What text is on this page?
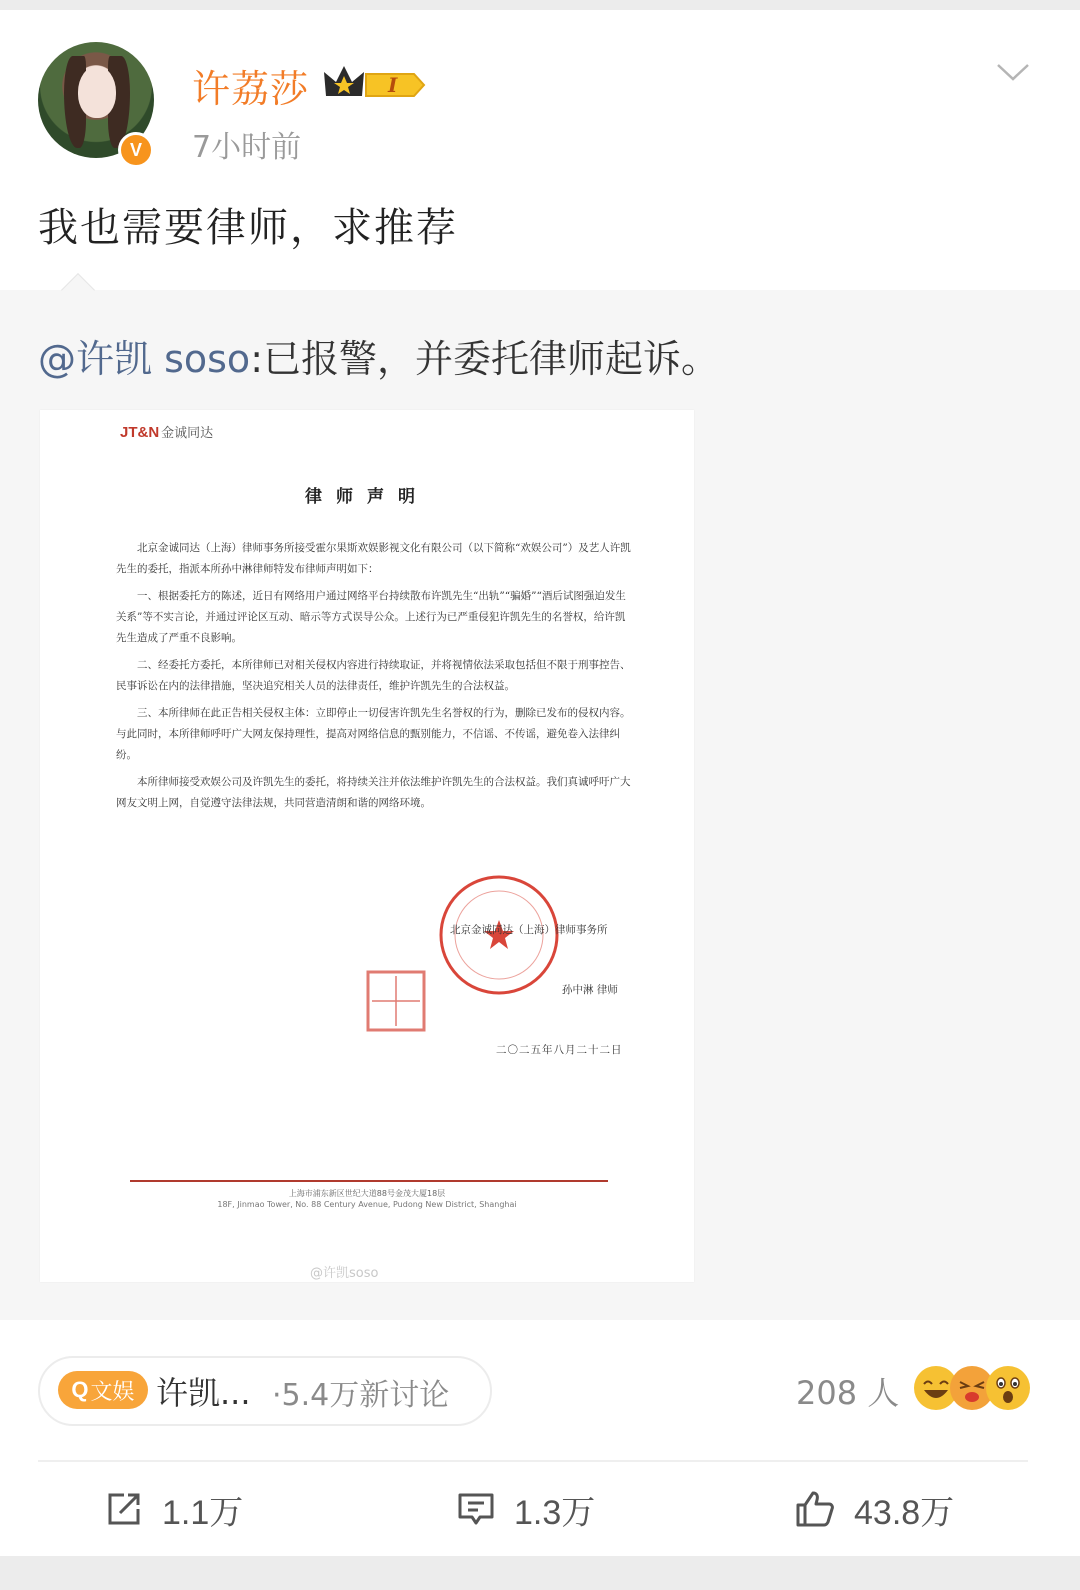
V
许荔莎	I
7小时前
我也需要律师，求推荐
@许凯 soso:已报警，并委托律师起诉。
JT&N 金诚同达
律师声明

北京金诚同达（上海）律师事务所接受霍尔果斯欢娱影视文化有限公司（以下简称“欢娱公司”）及艺人许凯先生的委托，指派本所孙中淋律师特发布律师声明如下：

一、根据委托方的陈述，近日有网络用户通过网络平台持续散布许凯先生“出轨”“骗婚”“酒后试图强迫发生关系”等不实言论，并通过评论区互动、暗示等方式误导公众。上述行为已严重侵犯许凯先生的名誉权，给许凯先生造成了严重不良影响。

二、经委托方委托，本所律师已对相关侵权内容进行持续取证，并将视情依法采取包括但不限于刑事控告、民事诉讼在内的法律措施，坚决追究相关人员的法律责任，维护许凯先生的合法权益。

三、本所律师在此正告相关侵权主体：立即停止一切侵害许凯先生名誉权的行为，删除已发布的侵权内容。与此同时，本所律师呼吁广大网友保持理性，提高对网络信息的甄别能力，不信谣、不传谣，避免卷入法律纠纷。

本所律师接受欢娱公司及许凯先生的委托，将持续关注并依法维护许凯先生的合法权益。我们真诚呼吁广大网友文明上网，自觉遵守法律法规，共同营造清朗和谐的网络环境。

北京金诚同达（上海）律师事务所
孙中淋 律师
二〇二五年八月二十二日
上海市浦东新区世纪大道88号金茂大厦18层
18F, Jinmao Tower, No. 88 Century Avenue, Pudong New District, Shanghai
@许凯soso
Q 文娱 许凯... ·5.4万新讨论	208 人
1.1万	1.3万	43.8万
